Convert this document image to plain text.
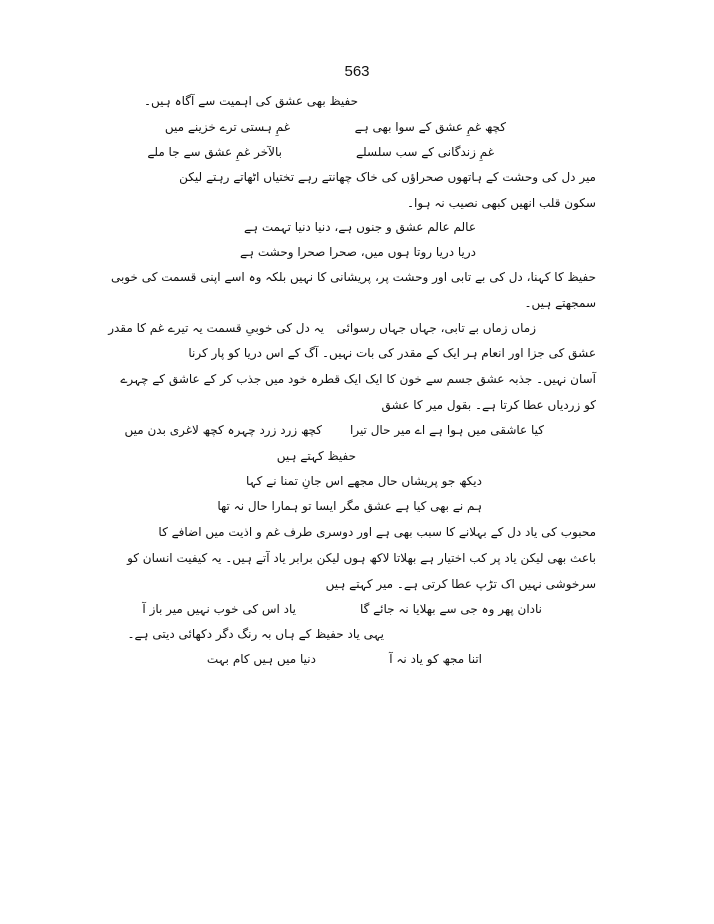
563
حفیظ بھی عشق کی اہمیت سے آگاہ ہیں۔
غمِ ہستی ترے خزینے میں	کچھ غمِ عشق کے سوا بھی ہے
بالآخر غمِ عشق سے جا ملے	غمِ زندگانی کے سب سلسلے
میر دل کی وحشت کے ہاتھوں صحراؤں کی خاک چھانتے رہے تختیاں اٹھاتے رہتے لیکن
سکون قلب انھیں کبھی نصیب نہ ہوا۔
عالم عالم عشق و جنوں ہے، دنیا دنیا تہمت ہے
دریا دریا روتا ہوں میں، صحرا صحرا وحشت ہے
حفیظ کا کہنا، دل کی بے تابی اور وحشت پر، پریشانی کا نہیں بلکہ وہ اسے اپنی قسمت کی خوبی
سمجھتے ہیں۔
یہ دل کی خوبیِ قسمت یہ تیرے غم کا مقدر زماں زماں بے تابی، جہاں جہاں رسوائی
عشق کی جزا اور انعام ہر ایک کے مقدر کی بات نہیں۔ آگ کے اس دریا کو پار کرنا
آسان نہیں۔ جذبہ عشق جسم سے خون کا ایک ایک قطرہ خود میں جذب کر کے عاشق کے چہرے
کو زردیاں عطا کرتا ہے۔ بقول میر کا عشق
کچھ زرد زرد چہرہ کچھ لاغری بدن میں کیا عاشقی میں ہوا ہے اے میر حال تیرا
حفیظ کہتے ہیں
دیکھ جو پریشاں حال مجھے اس جانِ تمنا نے کہا
ہم نے بھی کیا ہے عشق مگر ایسا تو ہمارا حال نہ تھا
محبوب کی یاد دل کے بہلانے کا سبب بھی ہے اور دوسری طرف غم و اذیت میں اضافے کا
باعث بھی لیکن یاد پر کب اختیار ہے بھلاتا لاکھ ہوں لیکن برابر یاد آتے ہیں۔ یہ کیفیت انسان کو
سرخوشی نہیں اک تڑپ عطا کرتی ہے۔ میر کہتے ہیں
یاد اس کی خوب نہیں میر باز آ	نادان پھر وہ جی سے بھلایا نہ جائے گا
یہی یاد حفیظ کے ہاں بہ رنگ دگر دکھائی دیتی ہے۔
دنیا میں ہیں کام بہت	اتنا مجھ کو یاد نہ آ
